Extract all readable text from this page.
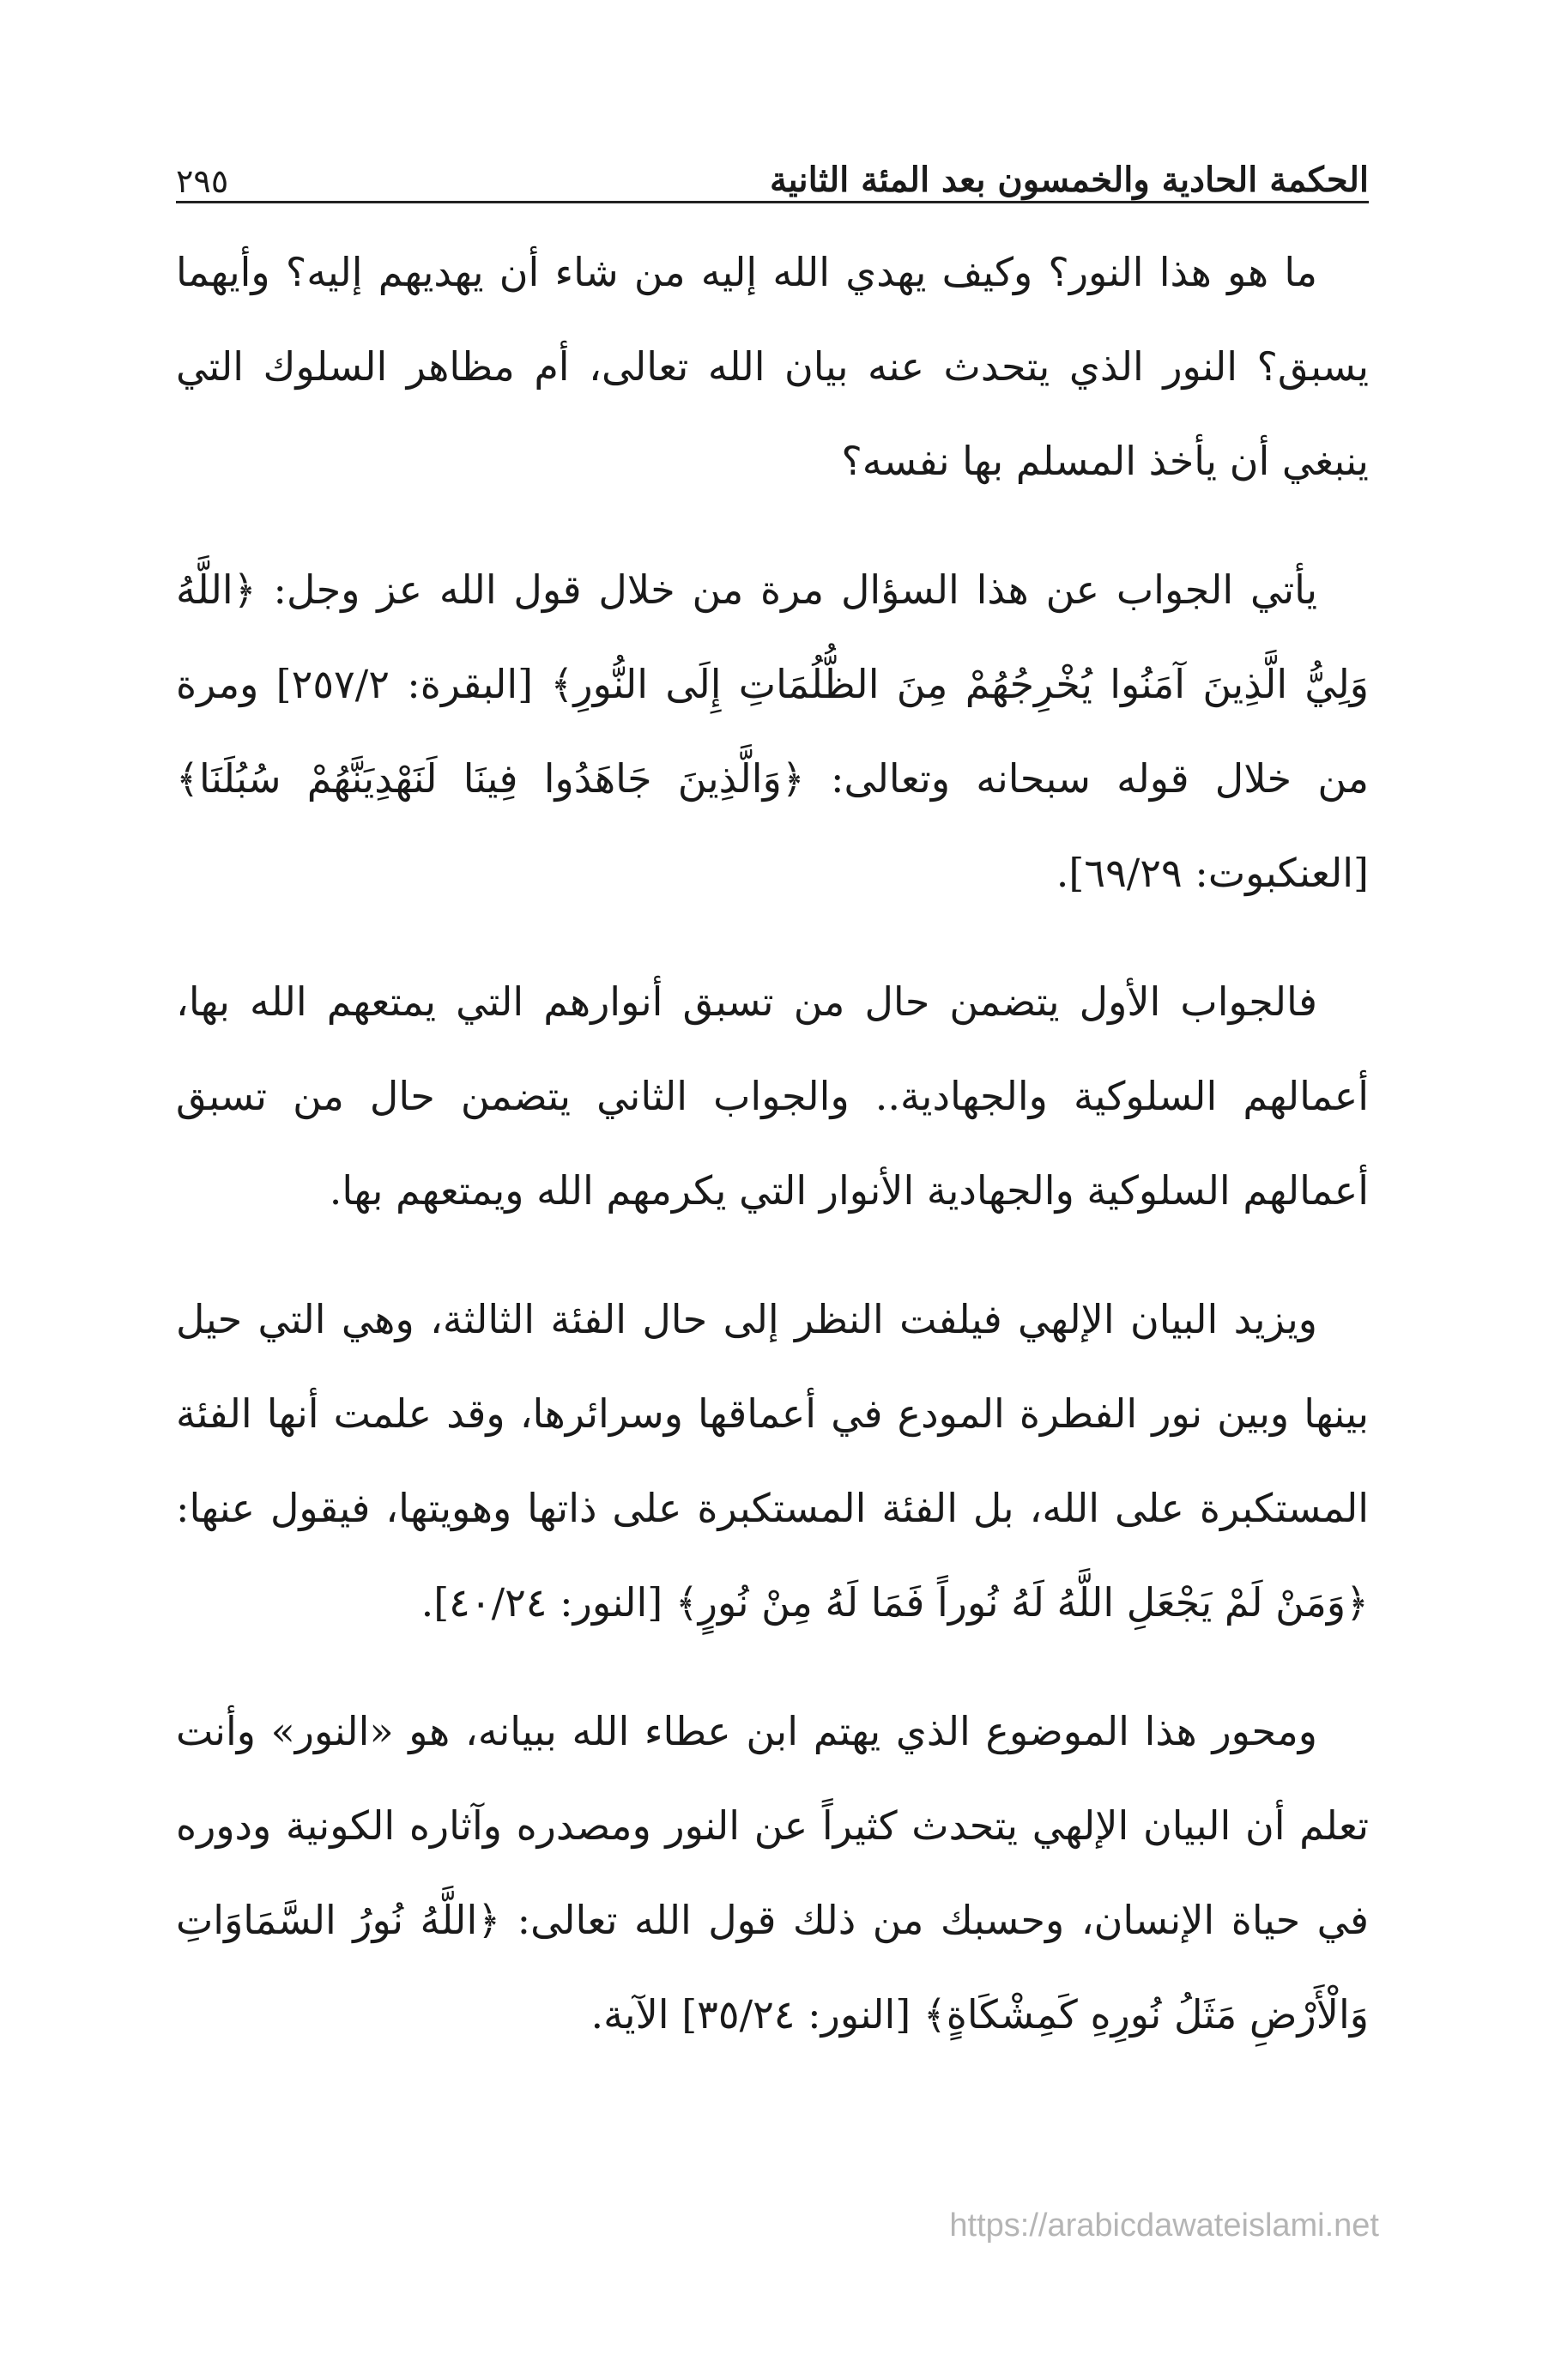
الحكمة الحادية والخمسون بعد المئة الثانية
٢٩٥

ما هو هذا النور؟ وكيف يهدي الله إليه من شاء أن يهديهم إليه؟ وأيهما يسبق؟ النور الذي يتحدث عنه بيان الله تعالى، أم مظاهر السلوك التي ينبغي أن يأخذ المسلم بها نفسه؟

يأتي الجواب عن هذا السؤال مرة من خلال قول الله عز وجل: ﴿اللَّهُ وَلِيُّ الَّذِينَ آمَنُوا يُخْرِجُهُمْ مِنَ الظُّلُمَاتِ إِلَى النُّورِ﴾ [البقرة: ٢٥٧/٢] ومرة من خلال قوله سبحانه وتعالى: ﴿وَالَّذِينَ جَاهَدُوا فِينَا لَنَهْدِيَنَّهُمْ سُبُلَنَا﴾ [العنكبوت: ٦٩/٢٩].

فالجواب الأول يتضمن حال من تسبق أنوارهم التي يمتعهم الله بها، أعمالهم السلوكية والجهادية.. والجواب الثاني يتضمن حال من تسبق أعمالهم السلوكية والجهادية الأنوار التي يكرمهم الله ويمتعهم بها.

ويزيد البيان الإلهي فيلفت النظر إلى حال الفئة الثالثة، وهي التي حيل بينها وبين نور الفطرة المودع في أعماقها وسرائرها، وقد علمت أنها الفئة المستكبرة على الله، بل الفئة المستكبرة على ذاتها وهويتها، فيقول عنها: ﴿وَمَنْ لَمْ يَجْعَلِ اللَّهُ لَهُ نُوراً فَمَا لَهُ مِنْ نُورٍ﴾ [النور: ٤٠/٢٤].

ومحور هذا الموضوع الذي يهتم ابن عطاء الله ببيانه، هو «النور» وأنت تعلم أن البيان الإلهي يتحدث كثيراً عن النور ومصدره وآثاره الكونية ودوره في حياة الإنسان، وحسبك من ذلك قول الله تعالى: ﴿اللَّهُ نُورُ السَّمَاوَاتِ وَالْأَرْضِ مَثَلُ نُورِهِ كَمِشْكَاةٍ﴾ [النور: ٣٥/٢٤] الآية.

https://arabicdawateislami.net
